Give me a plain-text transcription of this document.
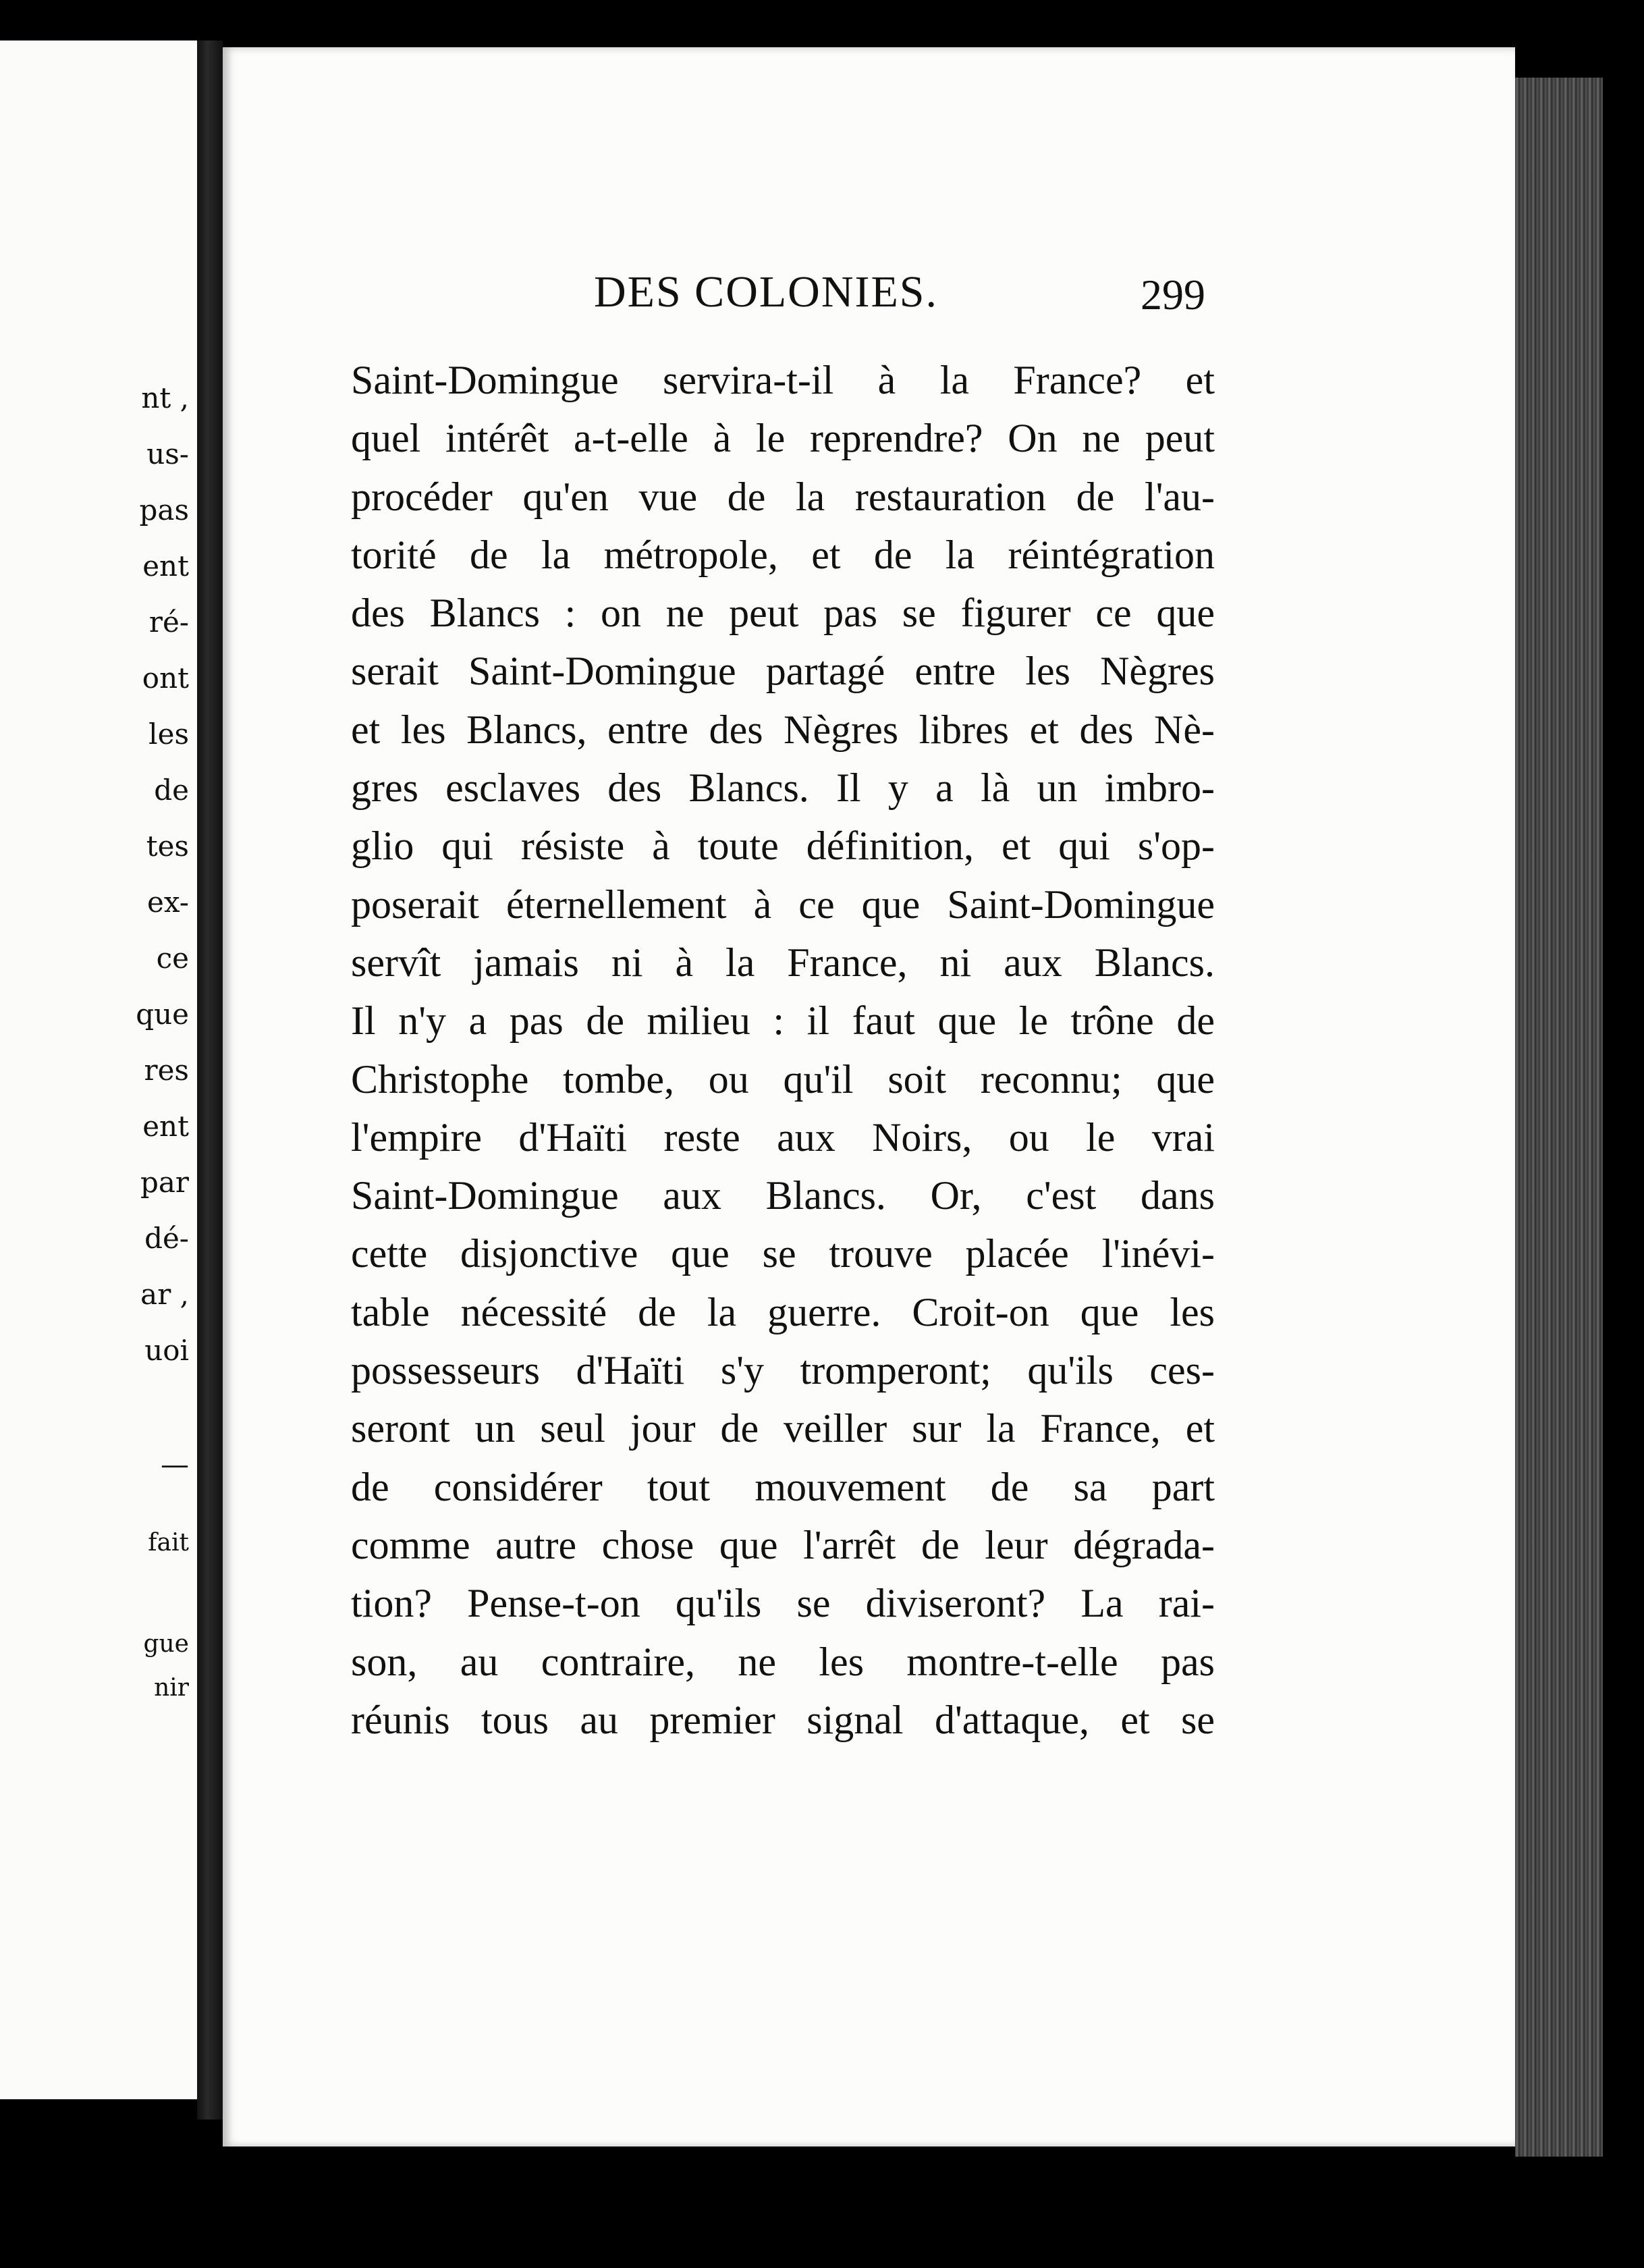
nt ,
us-
pas
ent
ré-
ont
les
de
tes
ex-
ce
que
res
ent
par
dé-
ar ,
uoi
—
fait
gue
nir
DES COLONIES.	299
Saint-Domingue servira-t-il à la France? et
quel intérêt a-t-elle à le reprendre? On ne peut
procéder qu'en vue de la restauration de l'au-
torité de la métropole, et de la réintégration
des Blancs : on ne peut pas se figurer ce que
serait Saint-Domingue partagé entre les Nègres
et les Blancs, entre des Nègres libres et des Nè-
gres esclaves des Blancs. Il y a là un imbro-
glio qui résiste à toute définition, et qui s'op-
poserait éternellement à ce que Saint-Domingue
servît jamais ni à la France, ni aux Blancs.
Il n'y a pas de milieu : il faut que le trône de
Christophe tombe, ou qu'il soit reconnu; que
l'empire d'Haïti reste aux Noirs, ou le vrai
Saint-Domingue aux Blancs. Or, c'est dans
cette disjonctive que se trouve placée l'inévi-
table nécessité de la guerre. Croit-on que les
possesseurs d'Haïti s'y tromperont; qu'ils ces-
seront un seul jour de veiller sur la France, et
de considérer tout mouvement de sa part
comme autre chose que l'arrêt de leur dégrada-
tion? Pense-t-on qu'ils se diviseront? La rai-
son, au contraire, ne les montre-t-elle pas
réunis tous au premier signal d'attaque, et se
